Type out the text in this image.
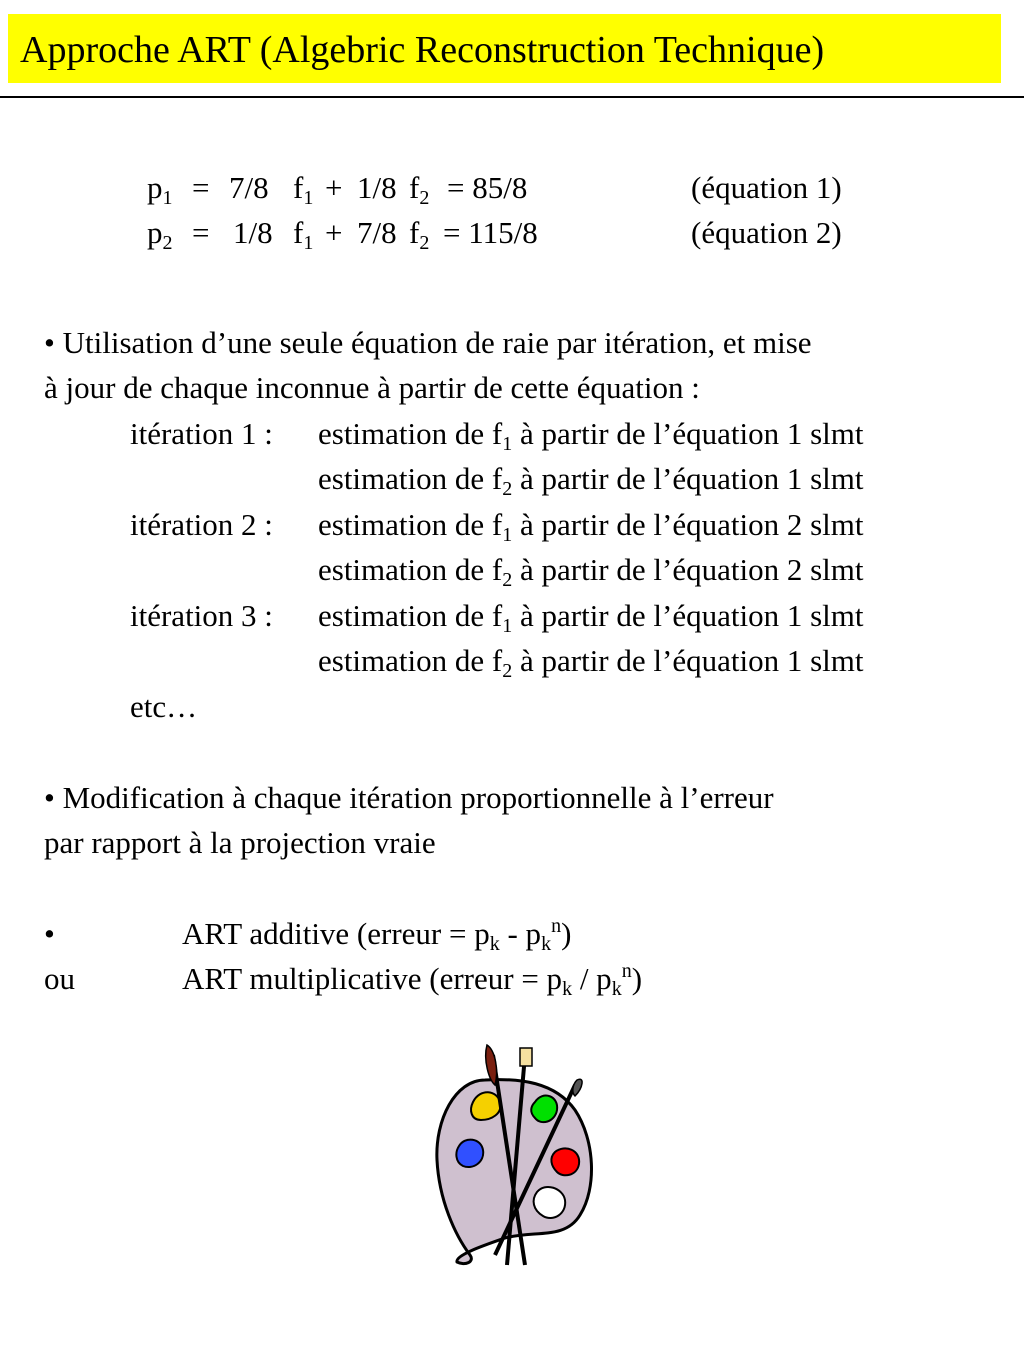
Approche ART (Algebric Reconstruction Technique)
$p_1 = 7/8$ $f_1 + 1/8$ $f_2 = 85/8$	(équation 1)
$p_2 = 1/8$ $f_1 + 7/8$ $f_2 = 115/8$	(équation 2)
• Utilisation d’une seule équation de raie par itération, et mise
à jour de chaque inconnue à partir de cette équation :
itération 1 : estimation de $f_1$ à partir de l’équation 1 slmt
estimation de $f_2$ à partir de l’équation 1 slmt
itération 2 : estimation de $f_1$ à partir de l’équation 2 slmt
estimation de $f_2$ à partir de l’équation 2 slmt
itération 3 : estimation de $f_1$ à partir de l’équation 1 slmt
estimation de $f_2$ à partir de l’équation 1 slmt
etc…
• Modification à chaque itération proportionnelle à l’erreur
par rapport à la projection vraie
•	ART additive (erreur = $p_k - p_k^n$)
ou	ART multiplicative (erreur = $p_k / p_k^n$)
